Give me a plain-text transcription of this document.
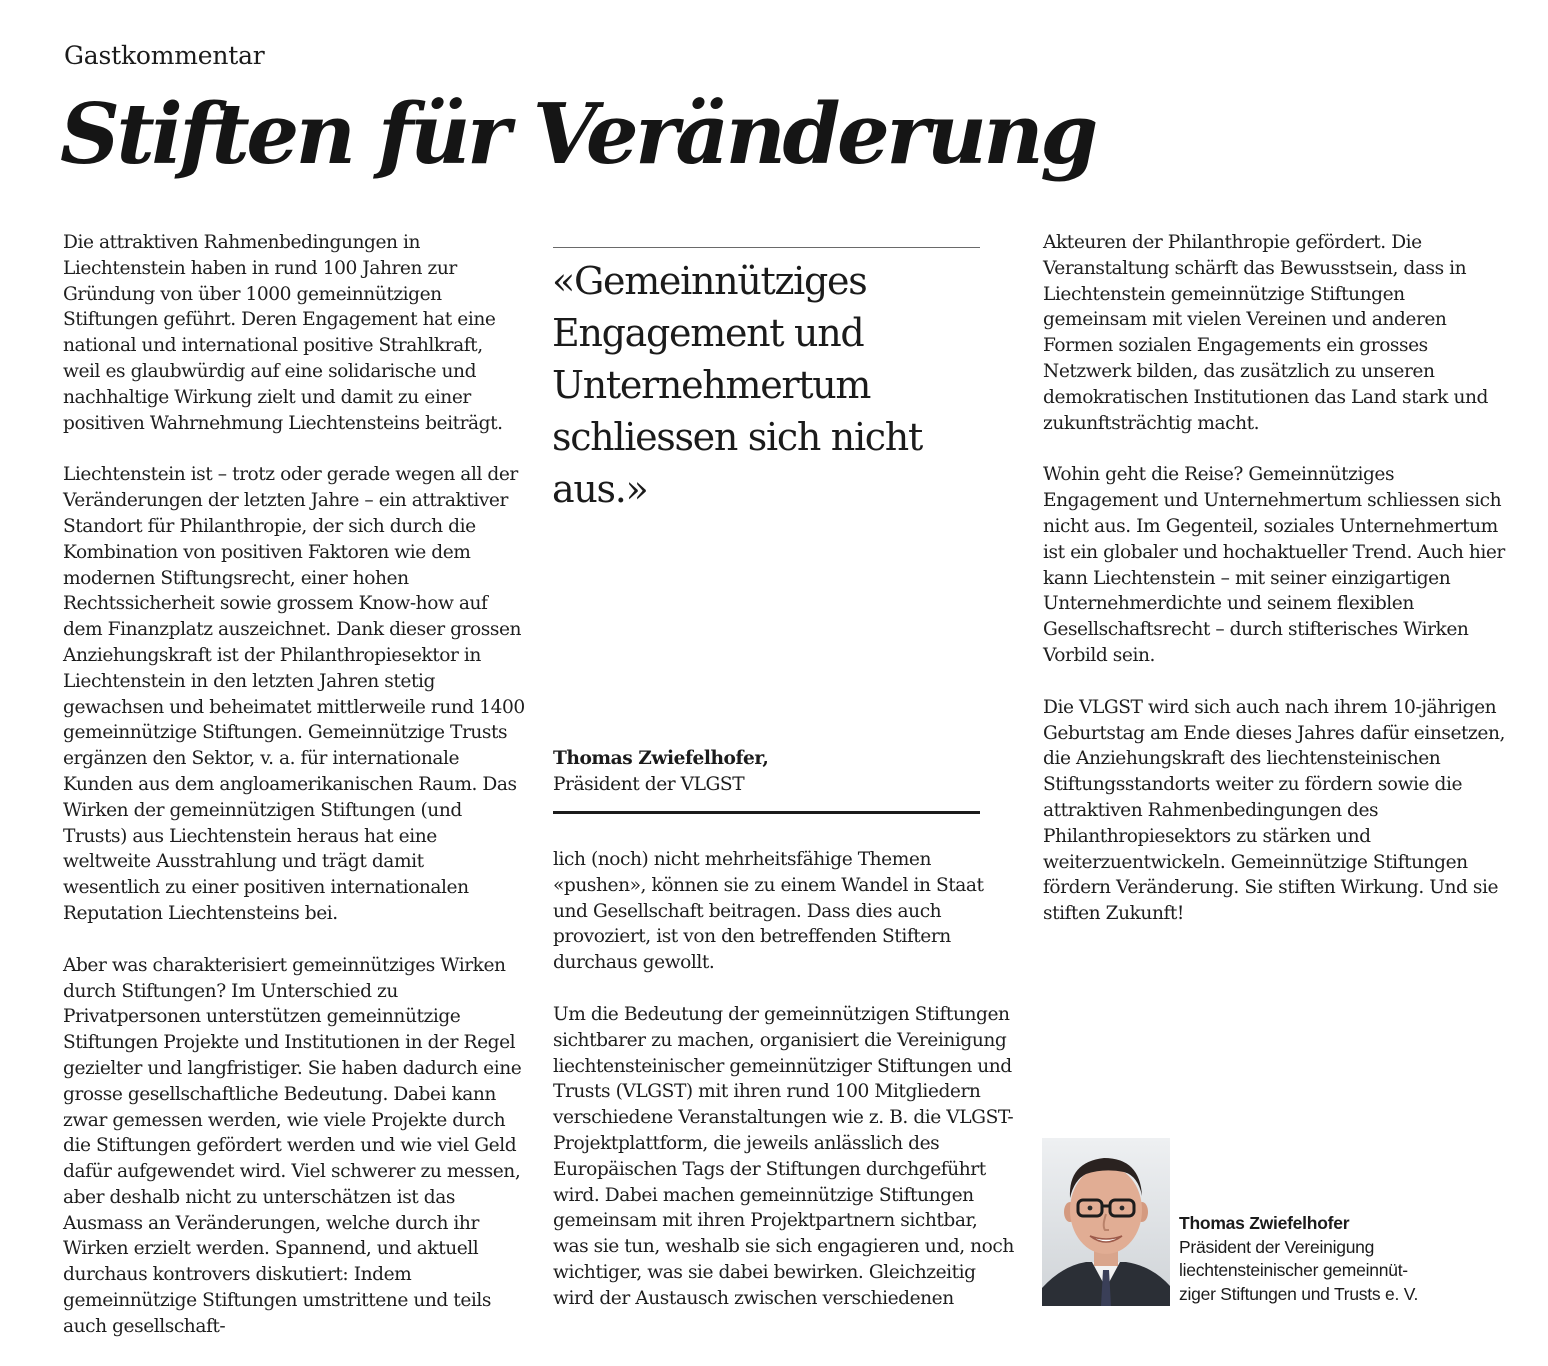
Gastkommentar
Stiften für Veränderung

Die attraktiven Rahmenbedingungen in Liechtenstein haben in rund 100 Jahren zur Gründung von über 1000 gemeinnützigen Stiftungen geführt. Deren Engagement hat eine national und international positive Strahlkraft, weil es glaubwürdig auf eine solidarische und nachhaltige Wirkung zielt und damit zu einer positiven Wahrnehmung Liechtensteins beiträgt.

Liechtenstein ist – trotz oder gerade wegen all der Veränderungen der letzten Jahre – ein attraktiver Standort für Philanthropie, der sich durch die Kombination von positiven Faktoren wie dem modernen Stiftungsrecht, einer hohen Rechtssicherheit sowie grossem Know-how auf dem Finanzplatz auszeichnet. Dank dieser grossen Anziehungskraft ist der Philanthropiesektor in Liechtenstein in den letzten Jahren stetig gewachsen und beheimatet mittlerweile rund 1400 gemeinnützige Stiftungen. Gemeinnützige Trusts ergänzen den Sektor, v. a. für internationale Kunden aus dem angloamerikanischen Raum. Das Wirken der gemeinnützigen Stiftungen (und Trusts) aus Liechtenstein heraus hat eine weltweite Ausstrahlung und trägt damit wesentlich zu einer positiven internationalen Reputation Liechtensteins bei.

Aber was charakterisiert gemeinnütziges Wirken durch Stiftungen? Im Unterschied zu Privatpersonen unterstützen gemeinnützige Stiftungen Projekte und Institutionen in der Regel gezielter und langfristiger. Sie haben dadurch eine grosse gesellschaftliche Bedeutung. Dabei kann zwar gemessen werden, wie viele Projekte durch die Stiftungen gefördert werden und wie viel Geld dafür aufgewendet wird. Viel schwerer zu messen, aber deshalb nicht zu unterschätzen ist das Ausmass an Veränderungen, welche durch ihr Wirken erzielt werden. Spannend, und aktuell durchaus kontrovers diskutiert: Indem gemeinnützige Stiftungen umstrittene und teils auch gesellschaft-

«Gemeinnütziges Engagement und Unternehmertum schliessen sich nicht aus.»
Thomas Zwiefelhofer,
Präsident der VLGST

lich (noch) nicht mehrheitsfähige Themen «pushen», können sie zu einem Wandel in Staat und Gesellschaft beitragen. Dass dies auch provoziert, ist von den betreffenden Stiftern durchaus gewollt.

Um die Bedeutung der gemeinnützigen Stiftungen sichtbarer zu machen, organisiert die Vereinigung liechtensteinischer gemeinnütziger Stiftungen und Trusts (VLGST) mit ihren rund 100 Mitgliedern verschiedene Veranstaltungen wie z. B. die VLGST-Projektplattform, die jeweils anlässlich des Europäischen Tags der Stiftungen durchgeführt wird. Dabei machen gemeinnützige Stiftungen gemeinsam mit ihren Projektpartnern sichtbar, was sie tun, weshalb sie sich engagieren und, noch wichtiger, was sie dabei bewirken. Gleichzeitig wird der Austausch zwischen verschiedenen

Akteuren der Philanthropie gefördert. Die Veranstaltung schärft das Bewusstsein, dass in Liechtenstein gemeinnützige Stiftungen gemeinsam mit vielen Vereinen und anderen Formen sozialen Engagements ein grosses Netzwerk bilden, das zusätzlich zu unseren demokratischen Institutionen das Land stark und zukunftsträchtig macht.

Wohin geht die Reise? Gemeinnütziges Engagement und Unternehmertum schliessen sich nicht aus. Im Gegenteil, soziales Unternehmertum ist ein globaler und hochaktueller Trend. Auch hier kann Liechtenstein – mit seiner einzigartigen Unternehmerdichte und seinem flexiblen Gesellschaftsrecht – durch stifterisches Wirken Vorbild sein.

Die VLGST wird sich auch nach ihrem 10-jährigen Geburtstag am Ende dieses Jahres dafür einsetzen, die Anziehungskraft des liechtensteinischen Stiftungsstandorts weiter zu fördern sowie die attraktiven Rahmenbedingungen des Philanthropiesektors zu stärken und weiterzuentwickeln. Gemeinnützige Stiftungen fördern Veränderung. Sie stiften Wirkung. Und sie stiften Zukunft!

Thomas Zwiefelhofer
Präsident der Vereinigung
liechtensteinischer gemeinnüt-
ziger Stiftungen und Trusts e. V.
